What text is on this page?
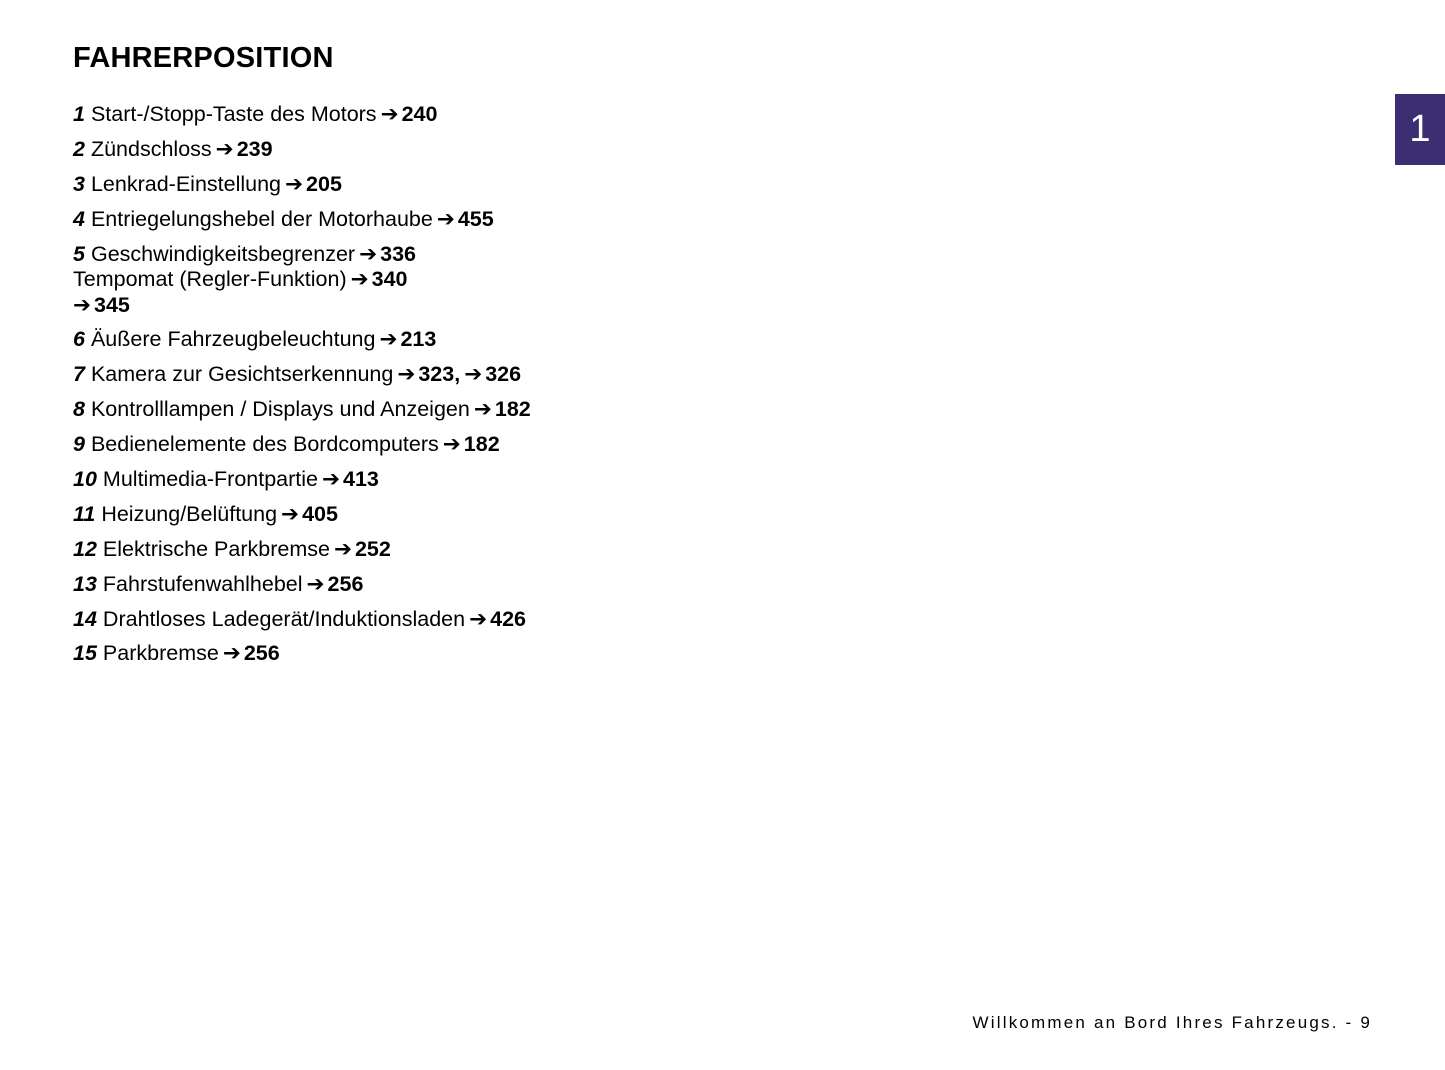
FAHRERPOSITION
1
1 Start-/Stopp-Taste des Motors ➔ 240
2 Zündschloss ➔ 239
3 Lenkrad-Einstellung ➔ 205
4 Entriegelungshebel der Motorhaube ➔ 455
5 Geschwindigkeitsbegrenzer ➔ 336
Tempomat (Regler-Funktion) ➔ 340
➔ 345
6 Äußere Fahrzeugbeleuchtung ➔ 213
7 Kamera zur Gesichtserkennung ➔ 323, ➔ 326
8 Kontrolllampen / Displays und Anzeigen ➔ 182
9 Bedienelemente des Bordcomputers ➔ 182
10 Multimedia-Frontpartie ➔ 413
11 Heizung/Belüftung ➔ 405
12 Elektrische Parkbremse ➔ 252
13 Fahrstufenwahlhebel ➔ 256
14 Drahtloses Ladegerät/Induktionsladen ➔ 426
15 Parkbremse ➔ 256
Willkommen an Bord Ihres Fahrzeugs. - 9
